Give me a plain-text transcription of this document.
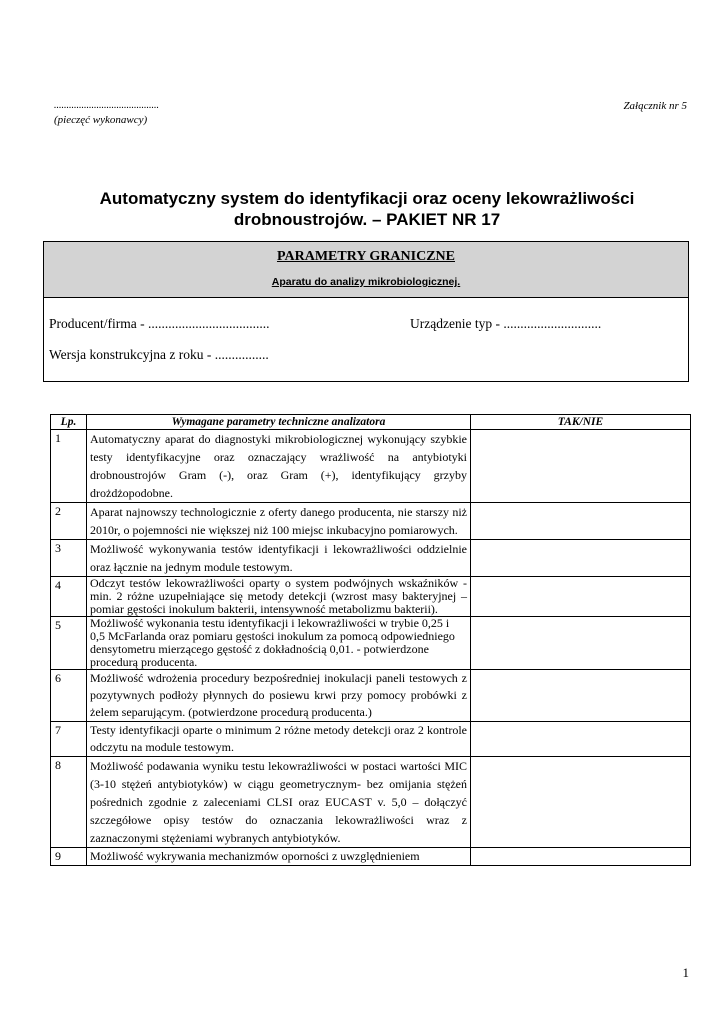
..........................................
(pieczęć wykonawcy)
Załącznik nr 5
Automatyczny system do identyfikacji oraz oceny lekowrażliwości
drobnoustrojów. – PAKIET NR 17
PARAMETRY GRANICZNE
Aparatu do analizy mikrobiologicznej.
Producent/firma - ....................................	Urządzenie typ - .............................
Wersja konstrukcyjna z roku - ................
Lp.	Wymagane parametry techniczne analizatora	TAK/NIE
1	Automatyczny aparat do diagnostyki mikrobiologicznej wykonujący szybkie testy identyfikacyjne oraz oznaczający wrażliwość na antybiotyki drobnoustrojów Gram (-), oraz Gram (+), identyfikujący grzyby drożdżopodobne.	
2	Aparat najnowszy technologicznie z oferty danego producenta, nie starszy niż 2010r, o pojemności nie większej niż 100 miejsc inkubacyjno pomiarowych.	
3	Możliwość wykonywania testów identyfikacji i lekowrażliwości oddzielnie oraz łącznie na jednym module testowym.	
4	Odczyt testów lekowrażliwości oparty o system podwójnych wskaźników - min. 2 różne uzupełniające się metody detekcji (wzrost masy bakteryjnej – pomiar gęstości inokulum bakterii, intensywność metabolizmu bakterii).	
5	Możliwość wykonania testu identyfikacji i lekowrażliwości w trybie 0,25 i 0,5 McFarlanda oraz pomiaru gęstości inokulum za pomocą odpowiedniego densytometru mierzącego gęstość z dokładnością 0,01. - potwierdzone procedurą producenta.	
6	Możliwość wdrożenia procedury bezpośredniej inokulacji paneli testowych z pozytywnych podłoży płynnych do posiewu krwi przy pomocy probówki z żelem separującym. (potwierdzone procedurą producenta.)	
7	Testy identyfikacji oparte o minimum 2 różne metody detekcji oraz 2 kontrole odczytu na module testowym.	
8	Możliwość podawania wyniku testu lekowrażliwości w postaci wartości MIC (3-10 stężeń antybiotyków) w ciągu geometrycznym- bez omijania stężeń pośrednich zgodnie z zaleceniami CLSI oraz EUCAST v. 5,0 – dołączyć szczegółowe opisy testów do oznaczania lekowrażliwości wraz z zaznaczonymi stężeniami wybranych antybiotyków.	
9	Możliwość wykrywania mechanizmów oporności z uwzględnieniem	
1
